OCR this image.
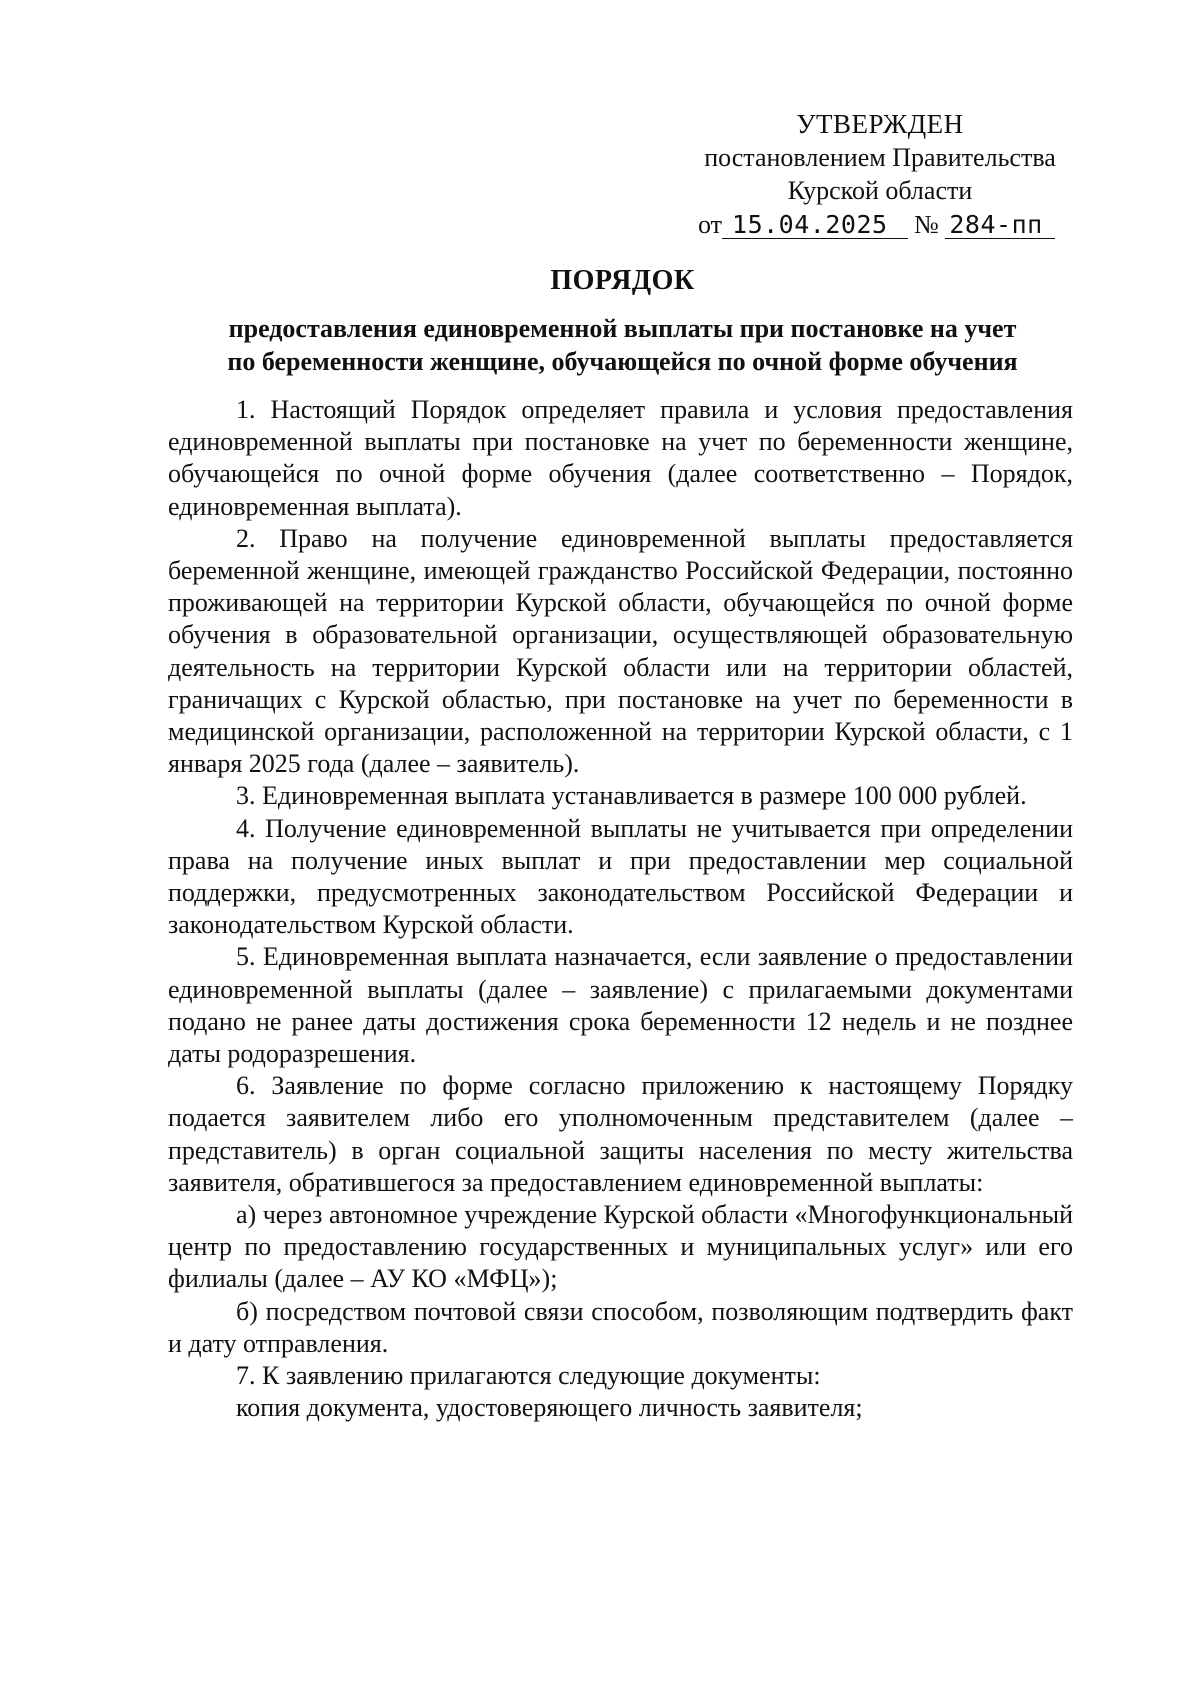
УТВЕРЖДЕН
постановлением Правительства
Курской области
от 15.04.2025 № 284-пп
ПОРЯДОК
предоставления единовременной выплаты при постановке на учет
по беременности женщине, обучающейся по очной форме обучения

1. Настоящий Порядок определяет правила и условия предоставления единовременной выплаты при постановке на учет по беременности женщине, обучающейся по очной форме обучения (далее соответственно – Порядок, единовременная выплата).

2. Право на получение единовременной выплаты предоставляется беременной женщине, имеющей гражданство Российской Федерации, постоянно проживающей на территории Курской области, обучающейся по очной форме обучения в образовательной организации, осуществляющей образовательную деятельность на территории Курской области или на территории областей, граничащих с Курской областью, при постановке на учет по беременности в медицинской организации, расположенной на территории Курской области, с 1 января 2025 года (далее – заявитель).

3. Единовременная выплата устанавливается в размере 100 000 рублей.

4. Получение единовременной выплаты не учитывается при определении права на получение иных выплат и при предоставлении мер социальной поддержки, предусмотренных законодательством Российской Федерации и законодательством Курской области.

5. Единовременная выплата назначается, если заявление о предоставлении единовременной выплаты (далее – заявление) с прилагаемыми документами подано не ранее даты достижения срока беременности 12 недель и не позднее даты родоразрешения.

6. Заявление по форме согласно приложению к настоящему Порядку подается заявителем либо его уполномоченным представителем (далее – представитель) в орган социальной защиты населения по месту жительства заявителя, обратившегося за предоставлением единовременной выплаты:

а) через автономное учреждение Курской области «Многофункциональный центр по предоставлению государственных и муниципальных услуг» или его филиалы (далее – АУ КО «МФЦ»);

б) посредством почтовой связи способом, позволяющим подтвердить факт и дату отправления.

7. К заявлению прилагаются следующие документы:

копия документа, удостоверяющего личность заявителя;
